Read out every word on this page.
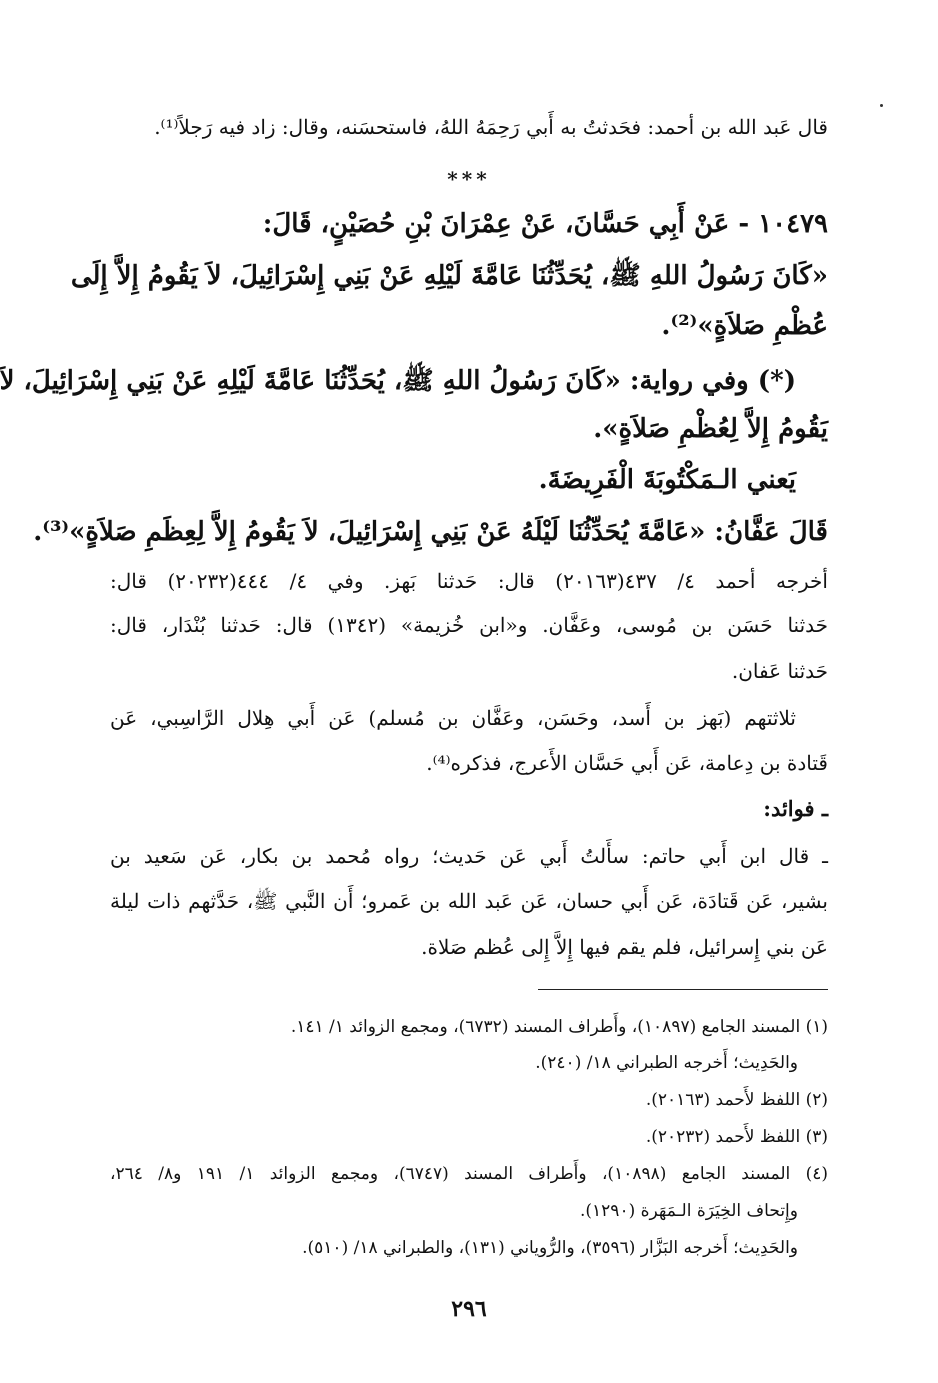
قال عَبد الله بن أحمد: فحَدثتُ به أَبي رَحِمَهُ اللهُ، فاستحسَنه، وقال: زاد فيه رَجلاً⁽¹⁾.
***
١٠٤٧٩ - عَنْ أَبِي حَسَّانَ، عَنْ عِمْرَانَ بْنِ حُصَيْنٍ، قَالَ:
«كَانَ رَسُولُ اللهِ ﷺ، يُحَدِّثُنَا عَامَّةَ لَيْلِهِ عَنْ بَنِي إِسْرَائِيلَ، لاَ يَقُومُ إِلاَّ إِلَى
عُظْمِ صَلاَةٍ»⁽²⁾.
(*) وفي رواية: «كَانَ رَسُولُ اللهِ ﷺ، يُحَدِّثُنَا عَامَّةَ لَيْلِهِ عَنْ بَنِي إِسْرَائِيلَ، لاَ
يَقُومُ إِلاَّ لِعُظْمِ صَلاَةٍ».
يَعني الـمَكْتُوبَةَ الْفَرِيضَةَ.
قَالَ عَفَّانُ: «عَامَّةَ يُحَدِّثُنَا لَيْلَهُ عَنْ بَنِي إِسْرَائِيلَ، لاَ يَقُومُ إِلاَّ لِعِظَمِ صَلاَةٍ»⁽³⁾.
أخرجه أحمد ٤/ ٤٣٧(٢٠١٦٣) قال: حَدثنا بَهز. وفي ٤/ ٤٤٤(٢٠٢٣٢) قال:
حَدثنا حَسَن بن مُوسى، وعَفَّان. و«ابن خُزيمة» (١٣٤٢) قال: حَدثنا بُنْدَار، قال:
حَدثنا عَفان.
ثلاثتهم (بَهز بن أَسد، وحَسَن، وعَفَّان بن مُسلم) عَن أَبي هِلال الرَّاسِبي، عَن
قَتادة بن دِعامة، عَن أَبي حَسَّان الأَعرج، فذكره⁽⁴⁾.
ـ فوائد:
ـ قال ابن أَبي حاتم: سأَلتُ أَبي عَن حَديث؛ رواه مُحمد بن بكار، عَن سَعيد بن
بشير، عَن قَتادَة، عَن أَبي حسان، عَن عَبد الله بن عَمرو؛ أَن النَّبي ﷺ، حَدَّثهم ذات ليلة
عَن بني إِسرائيل، فلم يقم فيها إِلاَّ إِلى عُظم صَلاة.
(١) المسند الجامع (١٠٨٩٧)، وأَطراف المسند (٦٧٣٢)، ومجمع الزوائد ١/ ١٤١.
والحَدِيث؛ أَخرجه الطبراني ١٨/ (٢٤٠).
(٢) اللفظ لأَحمد (٢٠١٦٣).
(٣) اللفظ لأَحمد (٢٠٢٣٢).
(٤) المسند الجامع (١٠٨٩٨)، وأَطراف المسند (٦٧٤٧)، ومجمع الزوائد ١/ ١٩١ و٨/ ٢٦٤،
وإِتحاف الخِيَرَة الـمَهَرة (١٢٩٠).
والحَدِيث؛ أَخرجه البَزَّار (٣٥٩٦)، والرُّوياني (١٣١)، والطبراني ١٨/ (٥١٠).
٢٩٦
